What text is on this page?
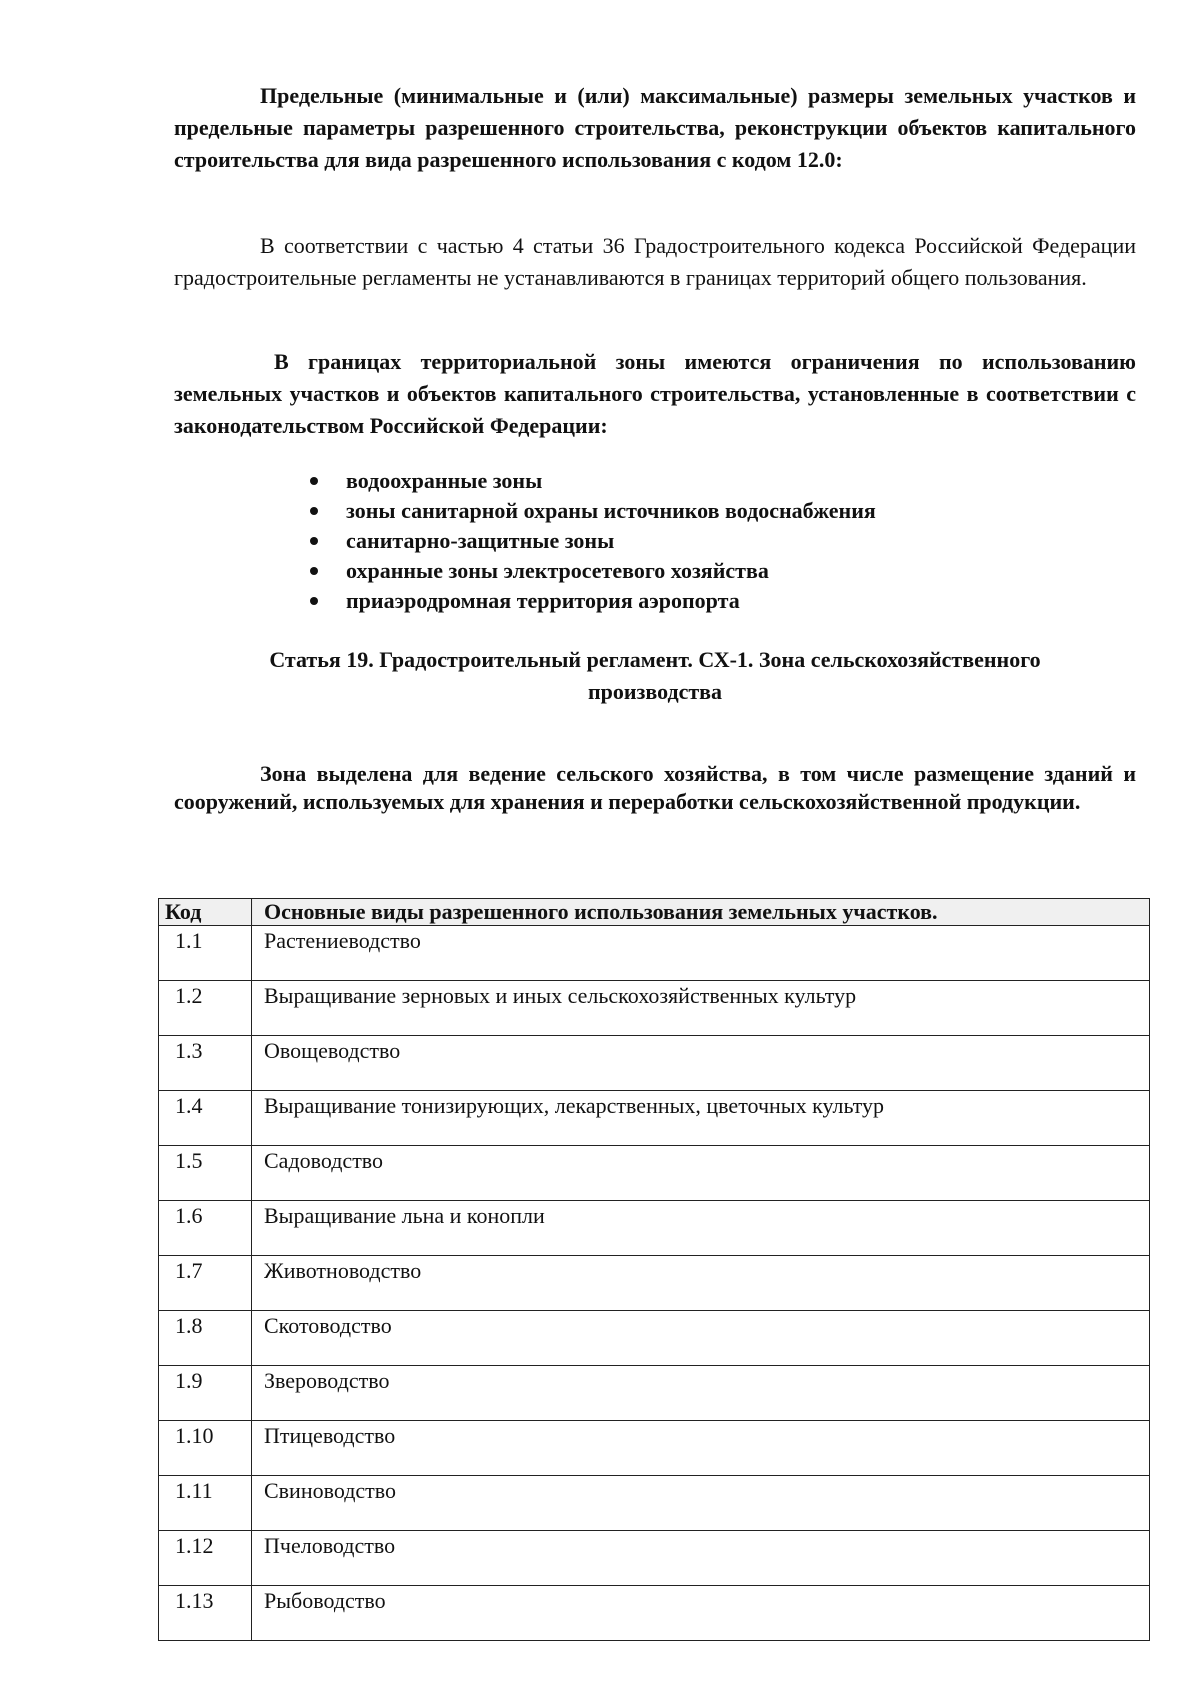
Предельные (минимальные и (или) максимальные) размеры земельных участков и предельные параметры разрешенного строительства, реконструкции объектов капитального строительства для вида разрешенного использования с кодом 12.0:

В соответствии с частью 4 статьи 36 Градостроительного кодекса Российской Федерации градостроительные регламенты не устанавливаются в границах территорий общего пользования.

В границах территориальной зоны имеются ограничения по использованию земельных участков и объектов капитального строительства, установленные в соответствии с законодательством Российской Федерации:

водоохранные зоны
зоны санитарной охраны источников водоснабжения
санитарно-защитные зоны
охранные зоны электросетевого хозяйства
приаэродромная территория аэропорта
Статья 19. Градостроительный регламент. СХ-1. Зона сельскохозяйственного
производства

Зона выделена для ведение сельского хозяйства, в том числе размещение зданий и сооружений, используемых для хранения и переработки сельскохозяйственной продукции.

Код	Основные виды разрешенного использования земельных участков.
1.1	Растениеводство
1.2	Выращивание зерновых и иных сельскохозяйственных культур
1.3	Овощеводство
1.4	Выращивание тонизирующих, лекарственных, цветочных культур
1.5	Садоводство
1.6	Выращивание льна и конопли
1.7	Животноводство
1.8	Скотоводство
1.9	Звероводство
1.10	Птицеводство
1.11	Свиноводство
1.12	Пчеловодство
1.13	Рыбоводство
